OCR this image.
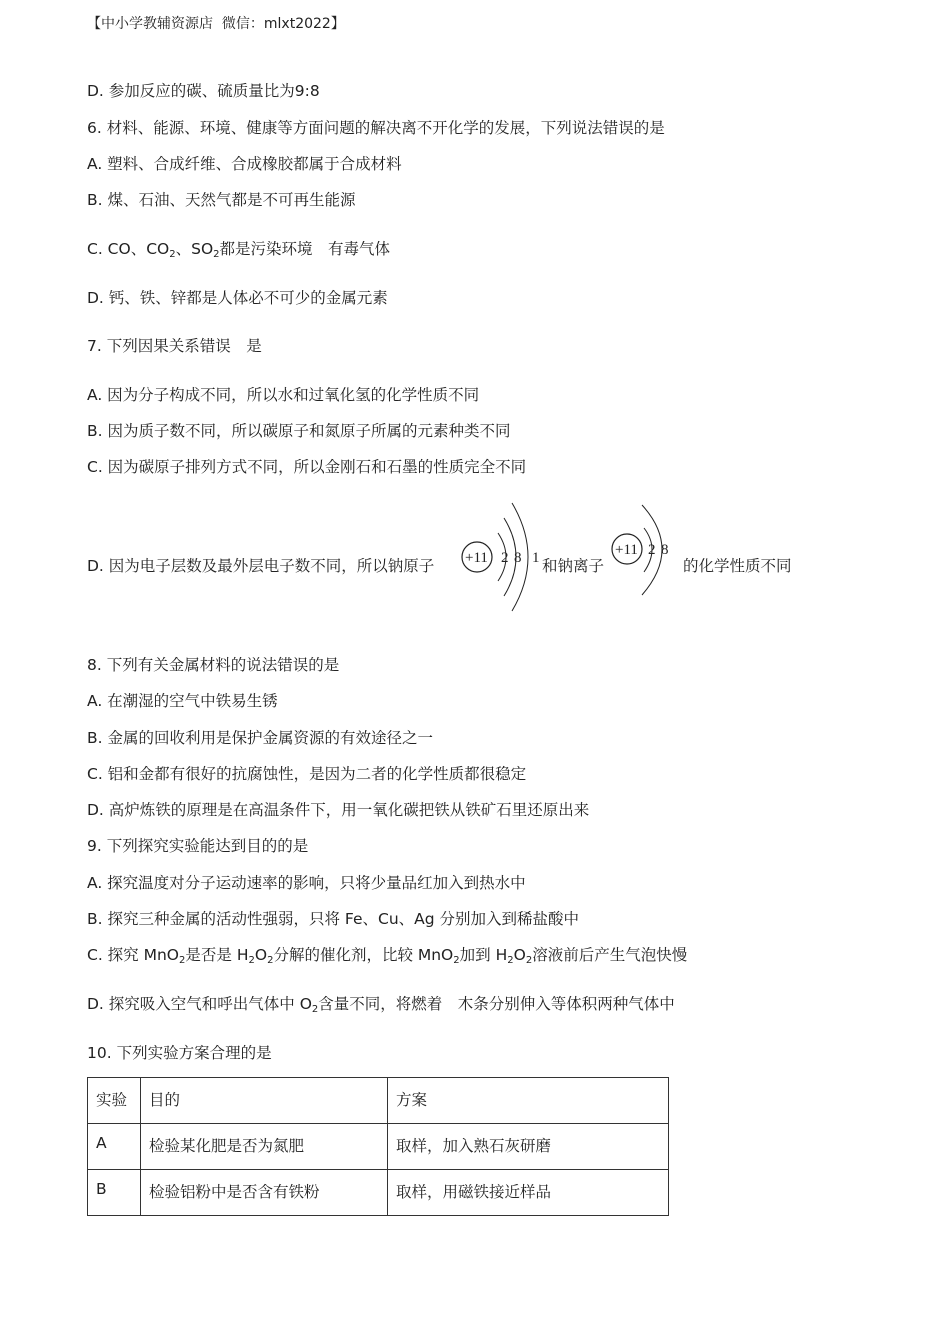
【中小学教辅资源店  微信：mlxt2022】
D. 参加反应的碳、硫质量比为9:8
6. 材料、能源、环境、健康等方面问题的解决离不开化学的发展，下列说法错误的是
A. 塑料、合成纤维、合成橡胶都属于合成材料
B. 煤、石油、天然气都是不可再生能源
C. CO、$CO_2$、$SO_2$都是污染环境　有毒气体
D. 钙、铁、锌都是人体必不可少的金属元素
7. 下列因果关系错误　是
A. 因为分子构成不同，所以水和过氧化氢的化学性质不同
B. 因为质子数不同，所以碳原子和氮原子所属的元素种类不同
C. 因为碳原子排列方式不同，所以金刚石和石墨的性质完全不同
D. 因为电子层数及最外层电子数不同，所以钠原子	和钠离子	的化学性质不同
+11 2 8 1	+11 2 8
8. 下列有关金属材料的说法错误的是
A. 在潮湿的空气中铁易生锈
B. 金属的回收利用是保护金属资源的有效途径之一
C. 铝和金都有很好的抗腐蚀性，是因为二者的化学性质都很稳定
D. 高炉炼铁的原理是在高温条件下，用一氧化碳把铁从铁矿石里还原出来
9. 下列探究实验能达到目的的是
A. 探究温度对分子运动速率的影响，只将少量品红加入到热水中
B. 探究三种金属的活动性强弱，只将 Fe、Cu、Ag 分别加入到稀盐酸中
C. 探究 MnO$_2$是否是 $H_2O_2$分解的催化剂，比较 MnO$_2$加到 $H_2O_2$溶液前后产生气泡快慢
D. 探究吸入空气和呼出气体中 $O_2$含量不同，将燃着　木条分别伸入等体积两种气体中
10. 下列实验方案合理的是
实验	目的	方案
A	检验某化肥是否为氮肥	取样，加入熟石灰研磨
B	检验铝粉中是否含有铁粉	取样，用磁铁接近样品
